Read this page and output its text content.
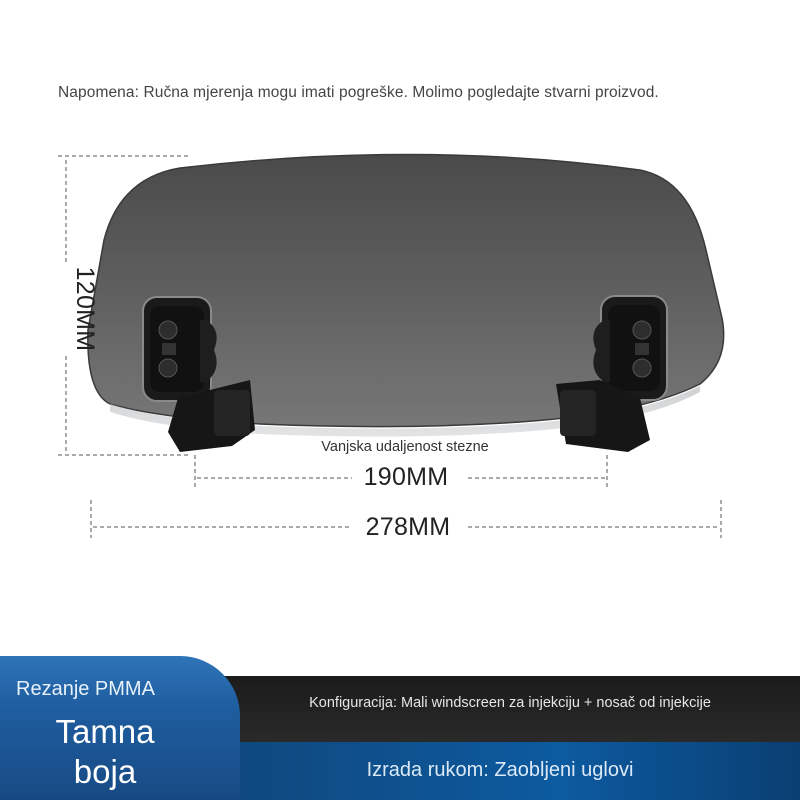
Napomena: Ručna mjerenja mogu imati pogreške. Molimo pogledajte stvarni proizvod.
120MM
Vanjska udaljenost stezne
190MM
278MM
Rezanje PMMA
Tamna
boja
Konfiguracija: Mali windscreen za injekciju + nosač od injekcije
Izrada rukom: Zaobljeni uglovi
